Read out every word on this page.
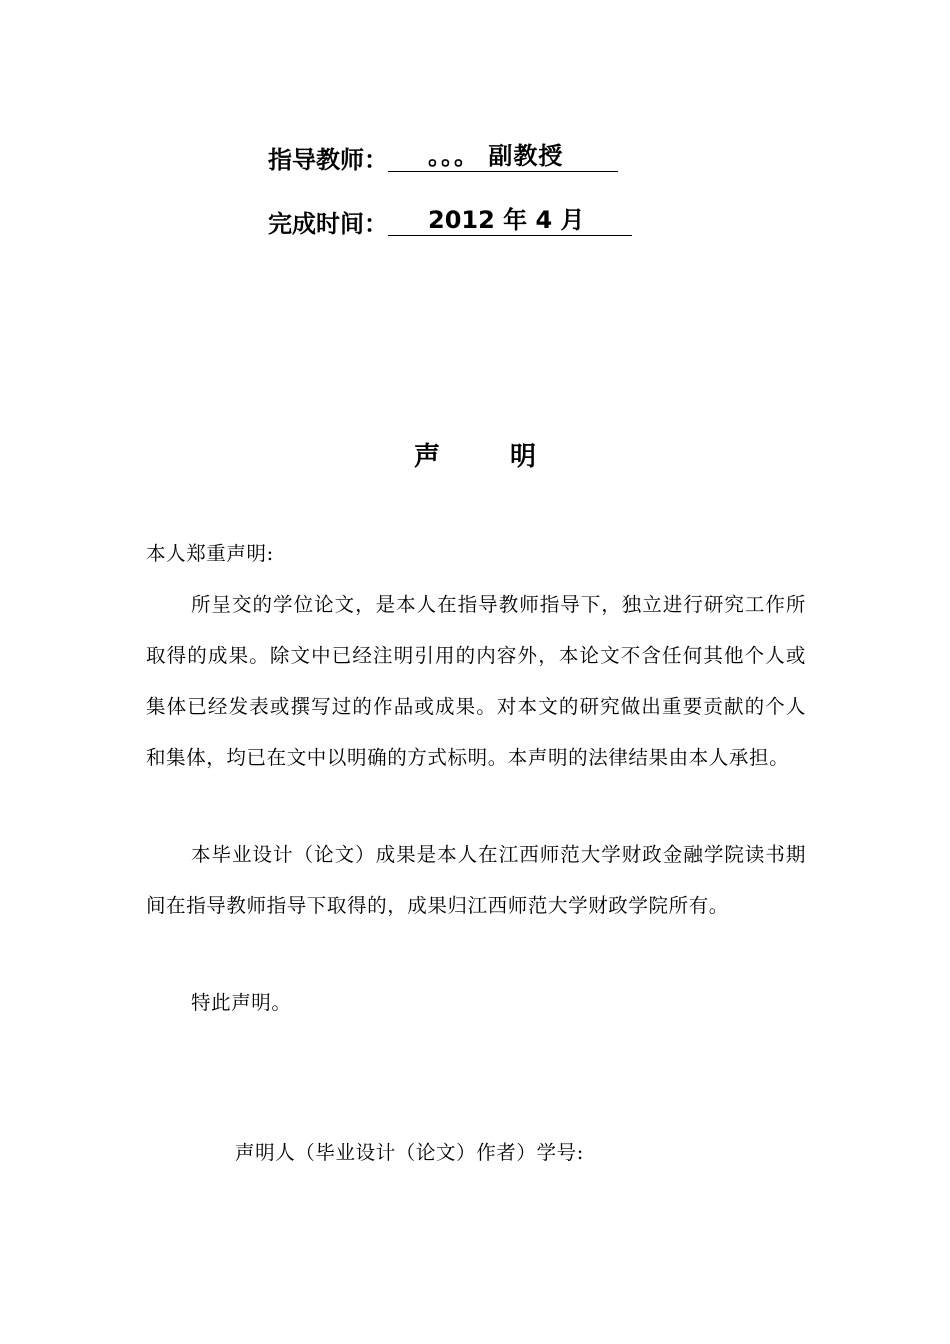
指导教师：	。。。 副教授
完成时间：	2012 年 4 月
声	明
本人郑重声明:
所呈交的学位论文，是本人在指导教师指导下，独立进行研究工作所取得的成果。除文中已经注明引用的内容外，本论文不含任何其他个人或集体已经发表或撰写过的作品或成果。对本文的研究做出重要贡献的个人和集体，均已在文中以明确的方式标明。本声明的法律结果由本人承担。
本毕业设计（论文）成果是本人在江西师范大学财政金融学院读书期间在指导教师指导下取得的，成果归江西师范大学财政学院所有。
特此声明。
声明人（毕业设计（论文）作者）学号:
